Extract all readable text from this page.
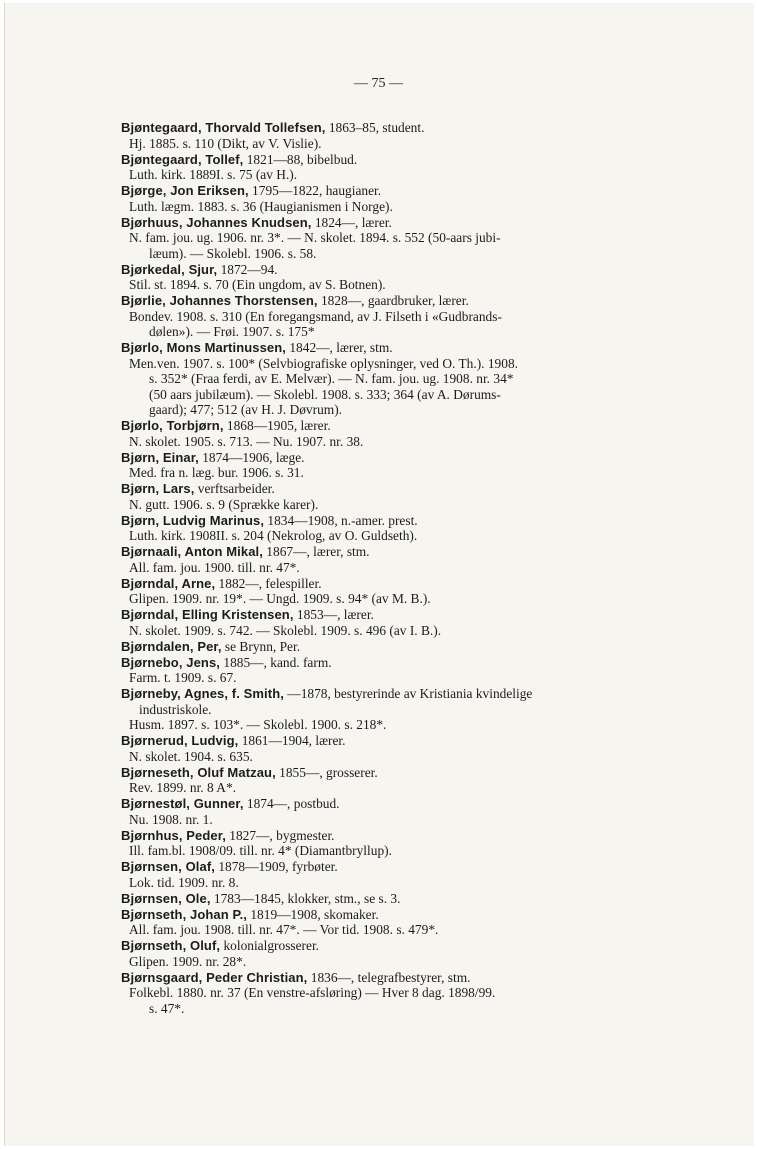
— 75 —
Bjøntegaard, Thorvald Tollefsen, 1863–85, student.
Hj. 1885. s. 110 (Dikt, av V. Vislie).
Bjøntegaard, Tollef, 1821—88, bibelbud.
Luth. kirk. 1889I. s. 75 (av H.).
Bjørge, Jon Eriksen, 1795—1822, haugianer.
Luth. lægm. 1883. s. 36 (Haugianismen i Norge).
Bjørhuus, Johannes Knudsen, 1824—, lærer.
N. fam. jou. ug. 1906. nr. 3*. — N. skolet. 1894. s. 552 (50-aars jubi-
læum). — Skolebl. 1906. s. 58.
Bjørkedal, Sjur, 1872—94.
Stil. st. 1894. s. 70 (Ein ungdom, av S. Botnen).
Bjørlie, Johannes Thorstensen, 1828—, gaardbruker, lærer.
Bondev. 1908. s. 310 (En foregangsmand, av J. Filseth i «Gudbrands-
dølen»). — Frøi. 1907. s. 175*
Bjørlo, Mons Martinussen, 1842—, lærer, stm.
Men.ven. 1907. s. 100* (Selvbiografiske oplysninger, ved O. Th.). 1908.
s. 352* (Fraa ferdi, av E. Melvær). — N. fam. jou. ug. 1908. nr. 34*
(50 aars jubilæum). — Skolebl. 1908. s. 333; 364 (av A. Dørums-
gaard); 477; 512 (av H. J. Døvrum).
Bjørlo, Torbjørn, 1868—1905, lærer.
N. skolet. 1905. s. 713. — Nu. 1907. nr. 38.
Bjørn, Einar, 1874—1906, læge.
Med. fra n. læg. bur. 1906. s. 31.
Bjørn, Lars, verftsarbeider.
N. gutt. 1906. s. 9 (Sprække karer).
Bjørn, Ludvig Marinus, 1834—1908, n.-amer. prest.
Luth. kirk. 1908II. s. 204 (Nekrolog, av O. Guldseth).
Bjørnaali, Anton Mikal, 1867—, lærer, stm.
All. fam. jou. 1900. till. nr. 47*.
Bjørndal, Arne, 1882—, felespiller.
Glipen. 1909. nr. 19*. — Ungd. 1909. s. 94* (av M. B.).
Bjørndal, Elling Kristensen, 1853—, lærer.
N. skolet. 1909. s. 742. — Skolebl. 1909. s. 496 (av I. B.).
Bjørndalen, Per, se Brynn, Per.
Bjørnebo, Jens, 1885—, kand. farm.
Farm. t. 1909. s. 67.
Bjørneby, Agnes, f. Smith, —1878, bestyrerinde av Kristiania kvindelige
industriskole.
Husm. 1897. s. 103*. — Skolebl. 1900. s. 218*.
Bjørnerud, Ludvig, 1861—1904, lærer.
N. skolet. 1904. s. 635.
Bjørneseth, Oluf Matzau, 1855—, grosserer.
Rev. 1899. nr. 8 A*.
Bjørnestøl, Gunner, 1874—, postbud.
Nu. 1908. nr. 1.
Bjørnhus, Peder, 1827—, bygmester.
Ill. fam.bl. 1908/09. till. nr. 4* (Diamantbryllup).
Bjørnsen, Olaf, 1878—1909, fyrbøter.
Lok. tid. 1909. nr. 8.
Bjørnsen, Ole, 1783—1845, klokker, stm., se s. 3.
Bjørnseth, Johan P., 1819—1908, skomaker.
All. fam. jou. 1908. till. nr. 47*. — Vor tid. 1908. s. 479*.
Bjørnseth, Oluf, kolonialgrosserer.
Glipen. 1909. nr. 28*.
Bjørnsgaard, Peder Christian, 1836—, telegrafbestyrer, stm.
Folkebl. 1880. nr. 37 (En venstre-afsløring) — Hver 8 dag. 1898/99.
s. 47*.
